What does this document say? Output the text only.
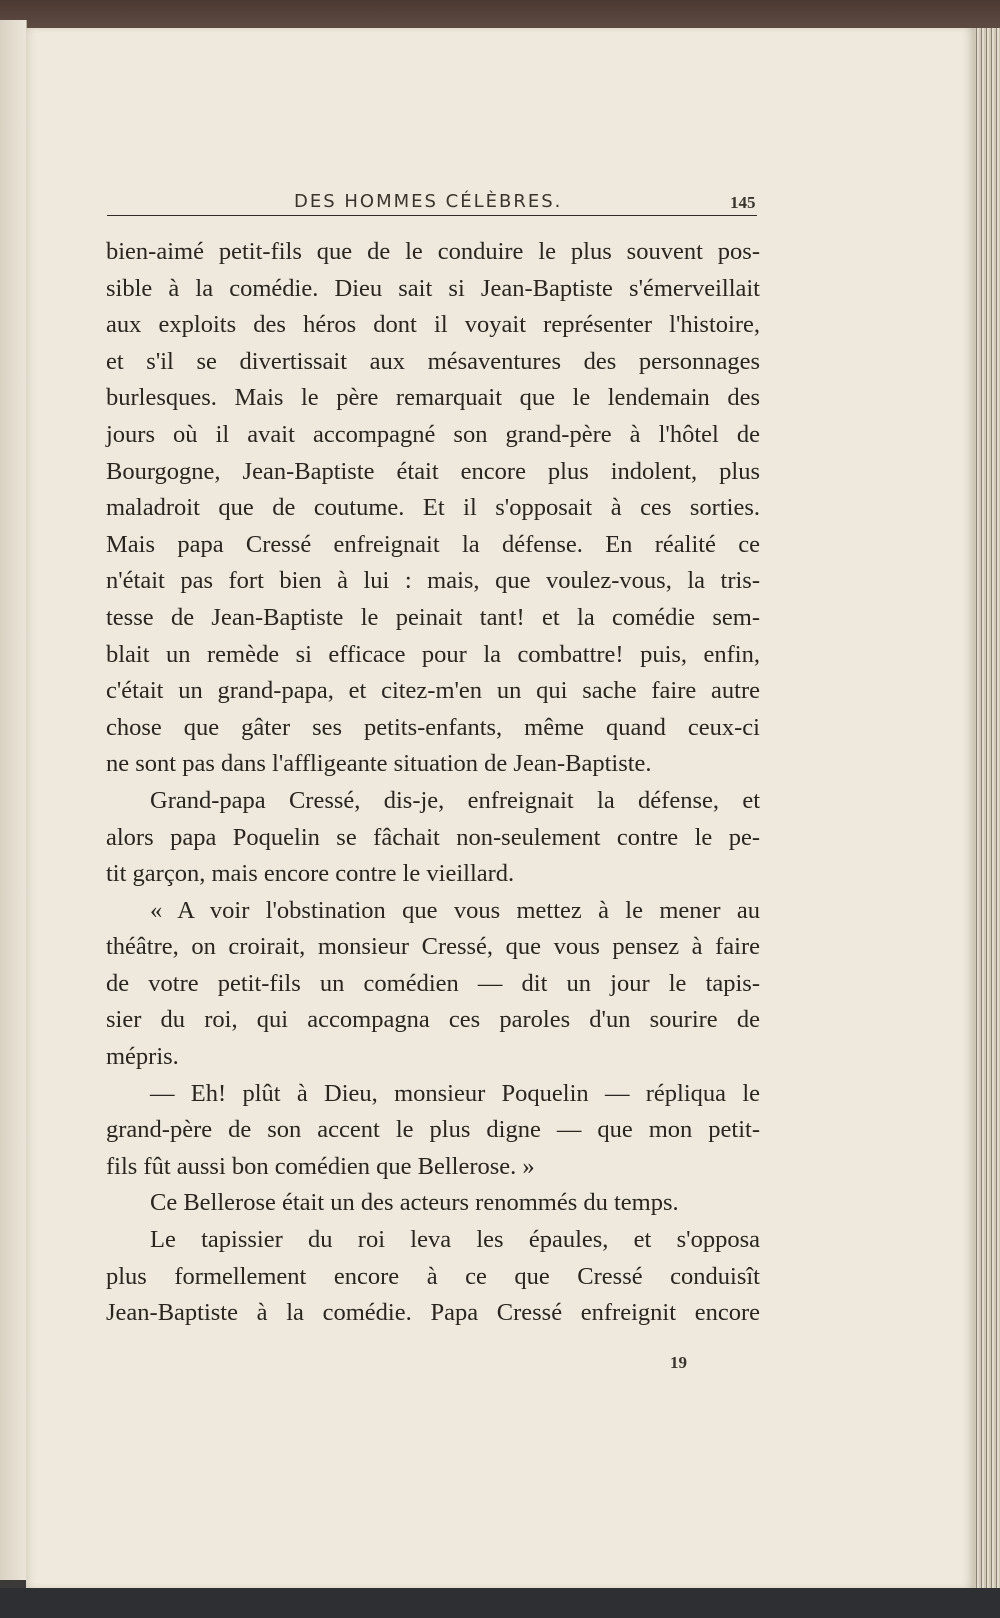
DES HOMMES CÉLÈBRES.	145
bien-aimé petit-fils que de le conduire le plus souvent pos-
sible à la comédie. Dieu sait si Jean-Baptiste s'émerveillait
aux exploits des héros dont il voyait représenter l'histoire,
et s'il se divertissait aux mésaventures des personnages
burlesques. Mais le père remarquait que le lendemain des
jours où il avait accompagné son grand-père à l'hôtel de
Bourgogne, Jean-Baptiste était encore plus indolent, plus
maladroit que de coutume. Et il s'opposait à ces sorties.
Mais papa Cressé enfreignait la défense. En réalité ce
n'était pas fort bien à lui : mais, que voulez-vous, la tris-
tesse de Jean-Baptiste le peinait tant! et la comédie sem-
blait un remède si efficace pour la combattre! puis, enfin,
c'était un grand-papa, et citez-m'en un qui sache faire autre
chose que gâter ses petits-enfants, même quand ceux-ci
ne sont pas dans l'affligeante situation de Jean-Baptiste.
Grand-papa Cressé, dis-je, enfreignait la défense, et
alors papa Poquelin se fâchait non-seulement contre le pe-
tit garçon, mais encore contre le vieillard.
« A voir l'obstination que vous mettez à le mener au
théâtre, on croirait, monsieur Cressé, que vous pensez à faire
de votre petit-fils un comédien — dit un jour le tapis-
sier du roi, qui accompagna ces paroles d'un sourire de
mépris.
— Eh! plût à Dieu, monsieur Poquelin — répliqua le
grand-père de son accent le plus digne — que mon petit-
fils fût aussi bon comédien que Bellerose. »
Ce Bellerose était un des acteurs renommés du temps.
Le tapissier du roi leva les épaules, et s'opposa
plus formellement encore à ce que Cressé conduisît
Jean-Baptiste à la comédie. Papa Cressé enfreignit encore
19
